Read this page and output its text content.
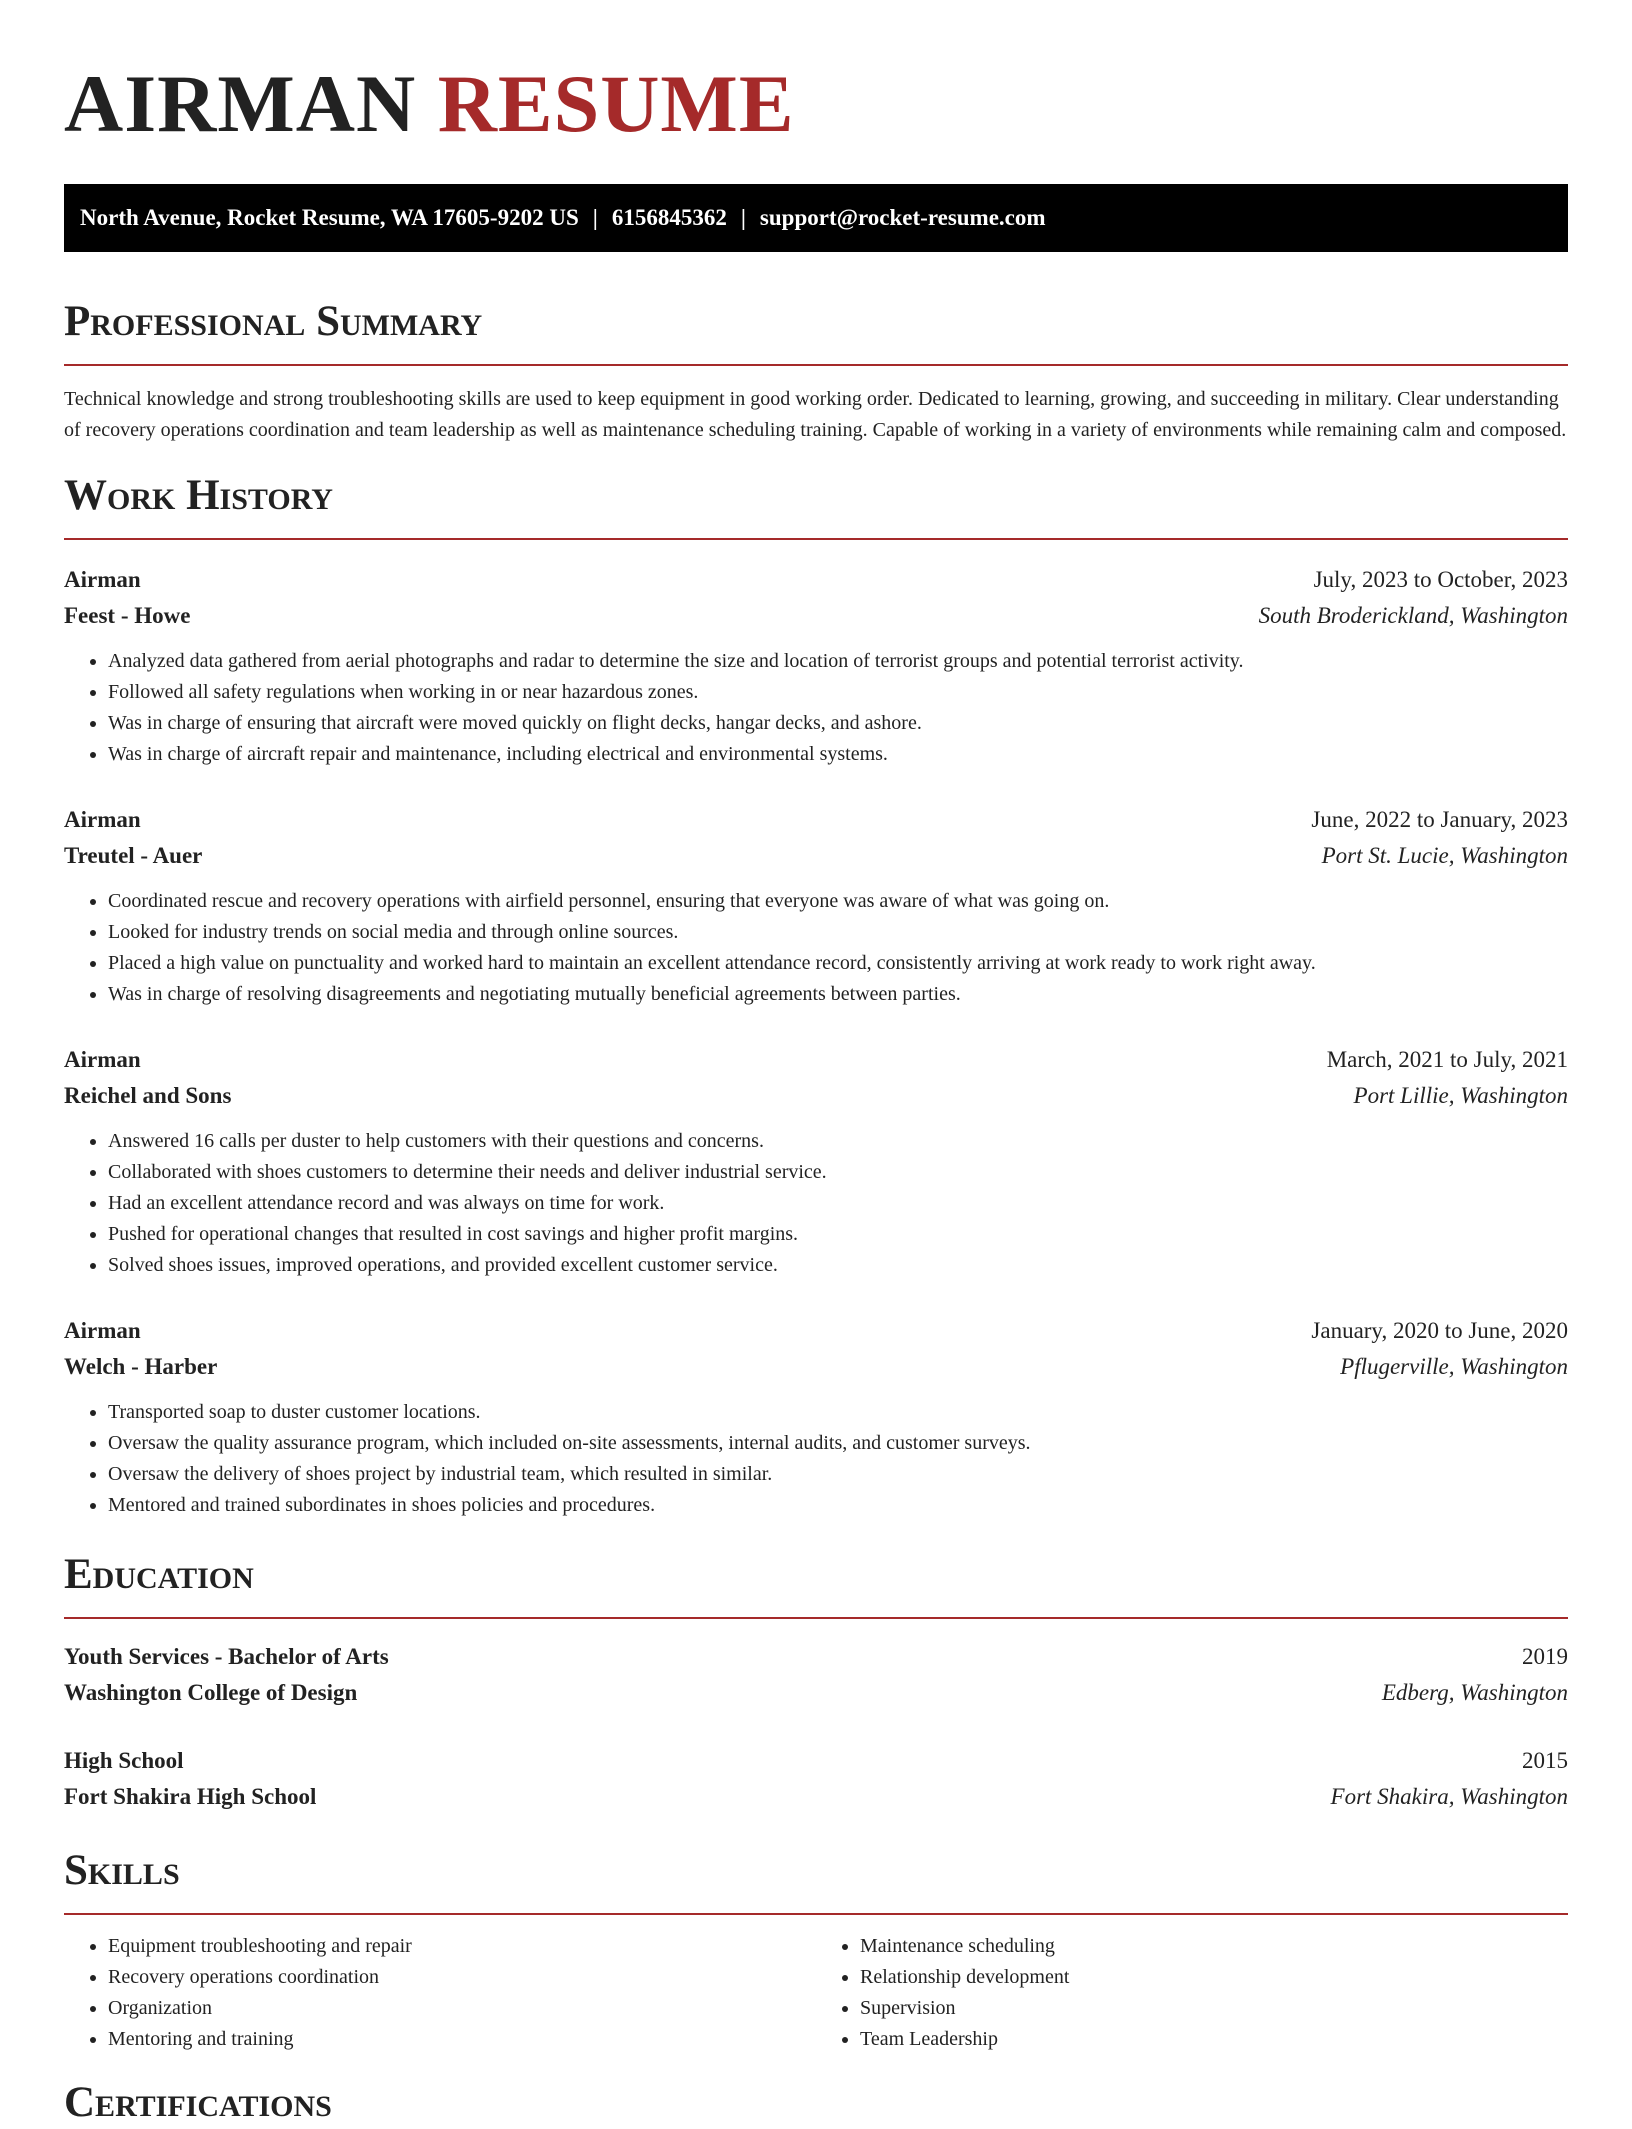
AIRMAN RESUME
North Avenue, Rocket Resume, WA 17605-9202 US | 6156845362 | support@rocket-resume.com
Professional Summary

Technical knowledge and strong troubleshooting skills are used to keep equipment in good working order. Dedicated to learning, growing, and succeeding in military. Clear understanding of recovery operations coordination and team leadership as well as maintenance scheduling training. Capable of working in a variety of environments while remaining calm and composed.

Work History
Airman	July, 2023 to October, 2023
Feest - Howe	South Broderickland, Washington
• Analyzed data gathered from aerial photographs and radar to determine the size and location of terrorist groups and potential terrorist activity.
• Followed all safety regulations when working in or near hazardous zones.
• Was in charge of ensuring that aircraft were moved quickly on flight decks, hangar decks, and ashore.
• Was in charge of aircraft repair and maintenance, including electrical and environmental systems.
Airman	June, 2022 to January, 2023
Treutel - Auer	Port St. Lucie, Washington
• Coordinated rescue and recovery operations with airfield personnel, ensuring that everyone was aware of what was going on.
• Looked for industry trends on social media and through online sources.
• Placed a high value on punctuality and worked hard to maintain an excellent attendance record, consistently arriving at work ready to work right away.
• Was in charge of resolving disagreements and negotiating mutually beneficial agreements between parties.
Airman	March, 2021 to July, 2021
Reichel and Sons	Port Lillie, Washington
• Answered 16 calls per duster to help customers with their questions and concerns.
• Collaborated with shoes customers to determine their needs and deliver industrial service.
• Had an excellent attendance record and was always on time for work.
• Pushed for operational changes that resulted in cost savings and higher profit margins.
• Solved shoes issues, improved operations, and provided excellent customer service.
Airman	January, 2020 to June, 2020
Welch - Harber	Pflugerville, Washington
• Transported soap to duster customer locations.
• Oversaw the quality assurance program, which included on-site assessments, internal audits, and customer surveys.
• Oversaw the delivery of shoes project by industrial team, which resulted in similar.
• Mentored and trained subordinates in shoes policies and procedures.
Education
Youth Services - Bachelor of Arts	2019
Washington College of Design	Edberg, Washington
High School	2015
Fort Shakira High School	Fort Shakira, Washington
Skills
• Equipment troubleshooting and repair
• Recovery operations coordination
• Organization
• Mentoring and training
• Maintenance scheduling
• Relationship development
• Supervision
• Team Leadership
Certifications
